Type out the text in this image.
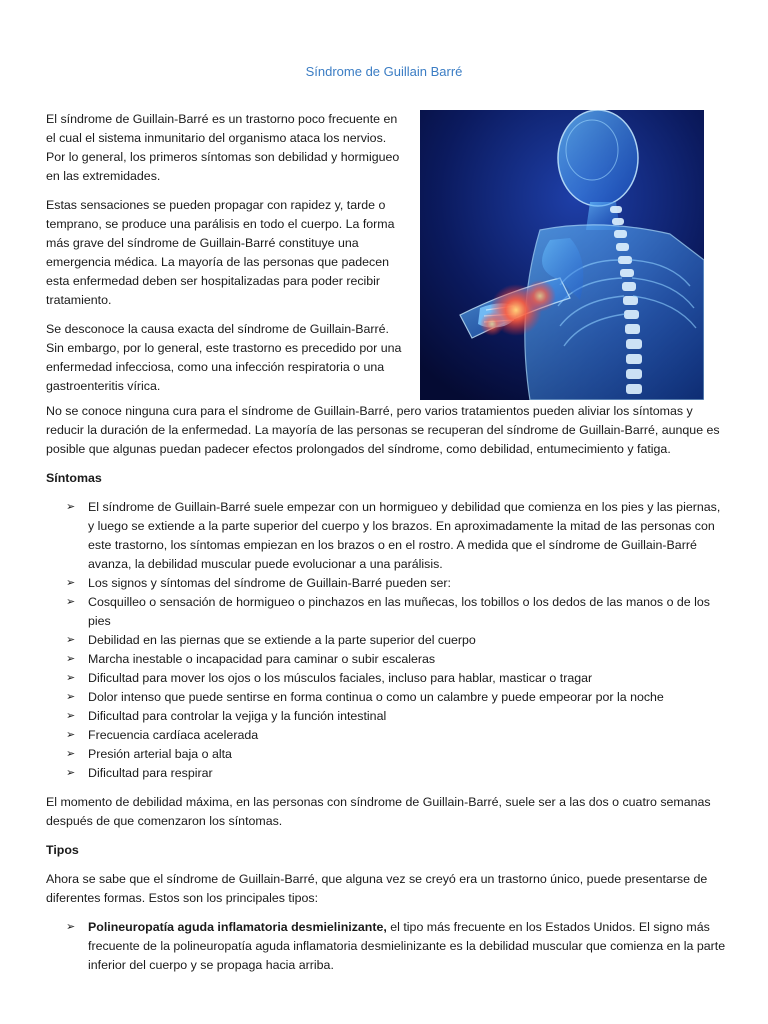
Síndrome de Guillain Barré

El síndrome de Guillain-Barré es un trastorno poco frecuente en el cual el sistema inmunitario del organismo ataca los nervios. Por lo general, los primeros síntomas son debilidad y hormigueo en las extremidades.

Estas sensaciones se pueden propagar con rapidez y, tarde o temprano, se produce una parálisis en todo el cuerpo. La forma más grave del síndrome de Guillain-Barré constituye una emergencia médica. La mayoría de las personas que padecen esta enfermedad deben ser hospitalizadas para poder recibir tratamiento.

Se desconoce la causa exacta del síndrome de Guillain-Barré. Sin embargo, por lo general, este trastorno es precedido por una enfermedad infecciosa, como una infección respiratoria o una gastroenteritis vírica.

No se conoce ninguna cura para el síndrome de Guillain-Barré, pero varios tratamientos pueden aliviar los síntomas y reducir la duración de la enfermedad. La mayoría de las personas se recuperan del síndrome de Guillain-Barré, aunque es posible que algunas puedan padecer efectos prolongados del síndrome, como debilidad, entumecimiento y fatiga.

Síntomas
➢ El síndrome de Guillain-Barré suele empezar con un hormigueo y debilidad que comienza en los pies y las piernas, y luego se extiende a la parte superior del cuerpo y los brazos. En aproximadamente la mitad de las personas con este trastorno, los síntomas empiezan en los brazos o en el rostro. A medida que el síndrome de Guillain-Barré avanza, la debilidad muscular puede evolucionar a una parálisis.
➢ Los signos y síntomas del síndrome de Guillain-Barré pueden ser:
➢ Cosquilleo o sensación de hormigueo o pinchazos en las muñecas, los tobillos o los dedos de las manos o de los pies
➢ Debilidad en las piernas que se extiende a la parte superior del cuerpo
➢ Marcha inestable o incapacidad para caminar o subir escaleras
➢ Dificultad para mover los ojos o los músculos faciales, incluso para hablar, masticar o tragar
➢ Dolor intenso que puede sentirse en forma continua o como un calambre y puede empeorar por la noche
➢ Dificultad para controlar la vejiga y la función intestinal
➢ Frecuencia cardíaca acelerada
➢ Presión arterial baja o alta
➢ Dificultad para respirar

El momento de debilidad máxima, en las personas con síndrome de Guillain-Barré, suele ser a las dos o cuatro semanas después de que comenzaron los síntomas.

Tipos

Ahora se sabe que el síndrome de Guillain-Barré, que alguna vez se creyó era un trastorno único, puede presentarse de diferentes formas. Estos son los principales tipos:

➢ Polineuropatía aguda inflamatoria desmielinizante, el tipo más frecuente en los Estados Unidos. El signo más frecuente de la polineuropatía aguda inflamatoria desmielinizante es la debilidad muscular que comienza en la parte inferior del cuerpo y se propaga hacia arriba.
